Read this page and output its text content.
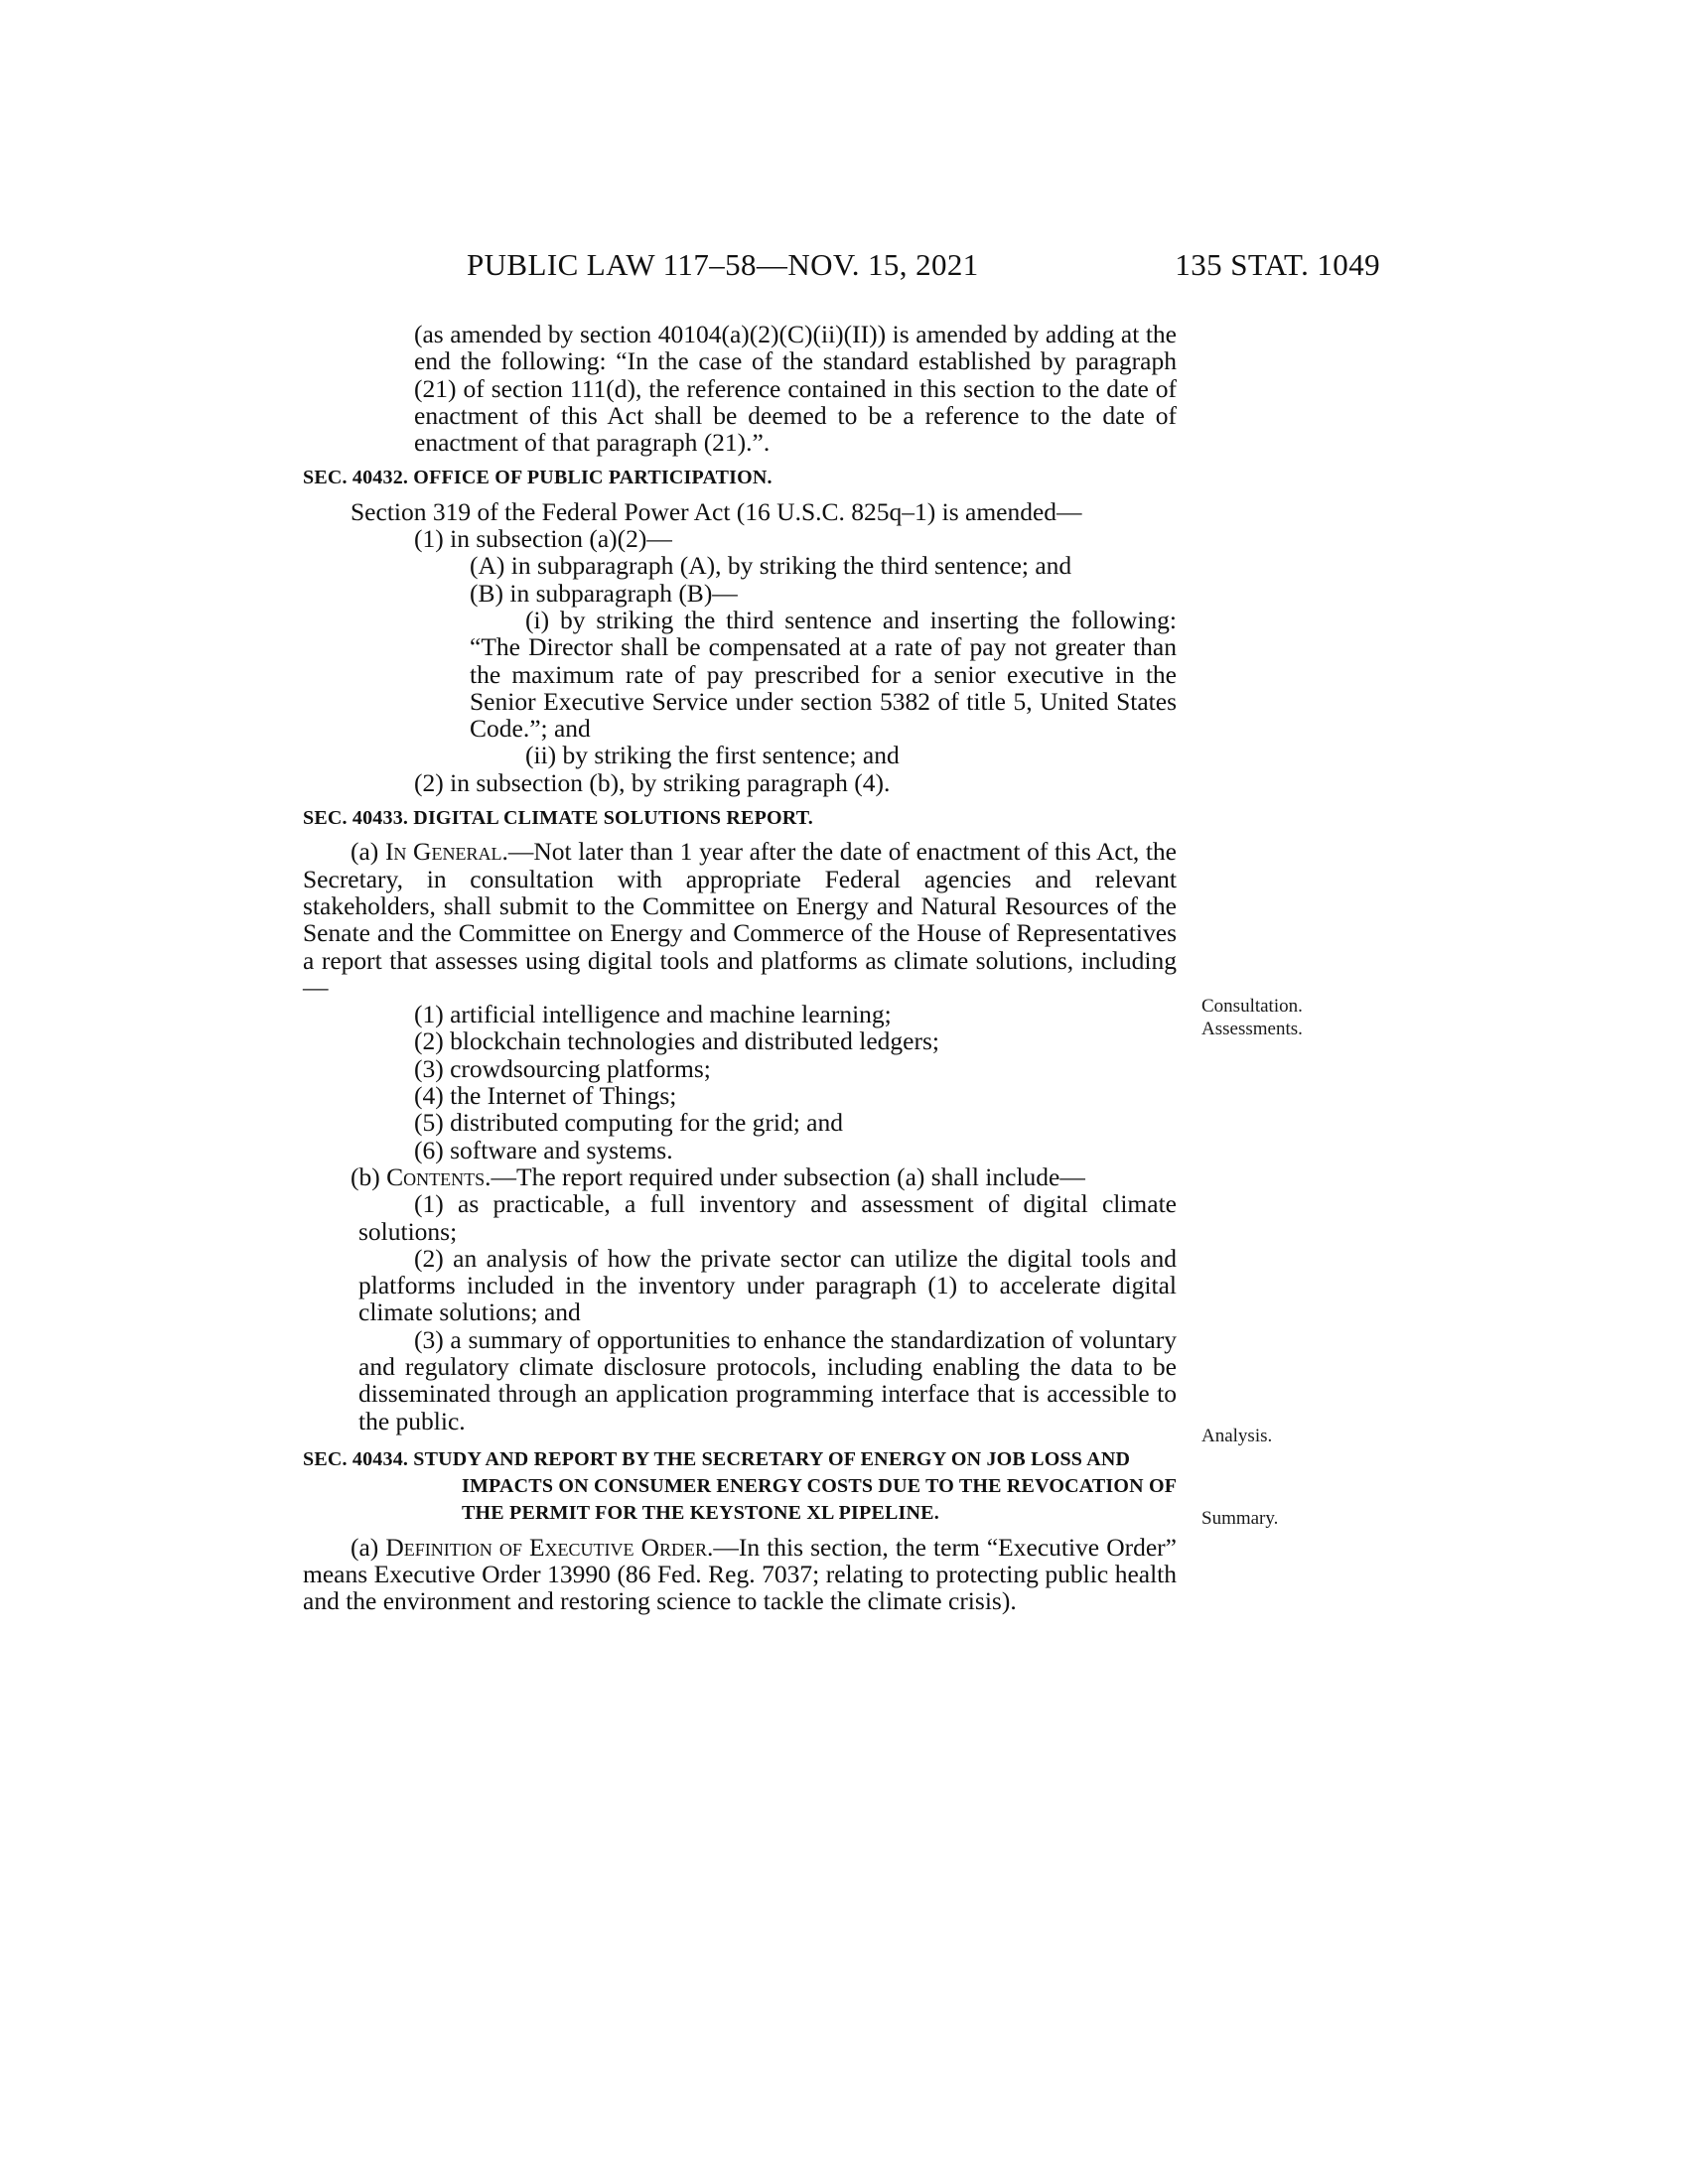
PUBLIC LAW 117–58—NOV. 15, 2021	135 STAT. 1049

(as amended by section 40104(a)(2)(C)(ii)(II)) is amended by adding at the end the following: “In the case of the standard established by paragraph (21) of section 111(d), the reference contained in this section to the date of enactment of this Act shall be deemed to be a reference to the date of enactment of that paragraph (21).”.

SEC. 40432. OFFICE OF PUBLIC PARTICIPATION.

Section 319 of the Federal Power Act (16 U.S.C. 825q–1) is amended—

(1) in subsection (a)(2)—

(A) in subparagraph (A), by striking the third sentence; and

(B) in subparagraph (B)—

(i) by striking the third sentence and inserting the following: “The Director shall be compensated at a rate of pay not greater than the maximum rate of pay prescribed for a senior executive in the Senior Executive Service under section 5382 of title 5, United States Code.”; and

(ii) by striking the first sentence; and

(2) in subsection (b), by striking paragraph (4).

SEC. 40433. DIGITAL CLIMATE SOLUTIONS REPORT.

(a) In General.—Not later than 1 year after the date of enactment of this Act, the Secretary, in consultation with appropriate Federal agencies and relevant stakeholders, shall submit to the Committee on Energy and Natural Resources of the Senate and the Committee on Energy and Commerce of the House of Representatives a report that assesses using digital tools and platforms as climate solutions, including—

(1) artificial intelligence and machine learning;

(2) blockchain technologies and distributed ledgers;

(3) crowdsourcing platforms;

(4) the Internet of Things;

(5) distributed computing for the grid; and

(6) software and systems.

(b) Contents.—The report required under subsection (a) shall include—

(1) as practicable, a full inventory and assessment of digital climate solutions;

(2) an analysis of how the private sector can utilize the digital tools and platforms included in the inventory under paragraph (1) to accelerate digital climate solutions; and

(3) a summary of opportunities to enhance the standardization of voluntary and regulatory climate disclosure protocols, including enabling the data to be disseminated through an application programming interface that is accessible to the public.

SEC. 40434. STUDY AND REPORT BY THE SECRETARY OF ENERGY ON JOB LOSS AND IMPACTS ON CONSUMER ENERGY COSTS DUE TO THE REVOCATION OF THE PERMIT FOR THE KEYSTONE XL PIPELINE.

(a) Definition of Executive Order.—In this section, the term “Executive Order” means Executive Order 13990 (86 Fed. Reg. 7037; relating to protecting public health and the environment and restoring science to tackle the climate crisis).

Consultation.
Assessments.
Analysis.
Summary.
